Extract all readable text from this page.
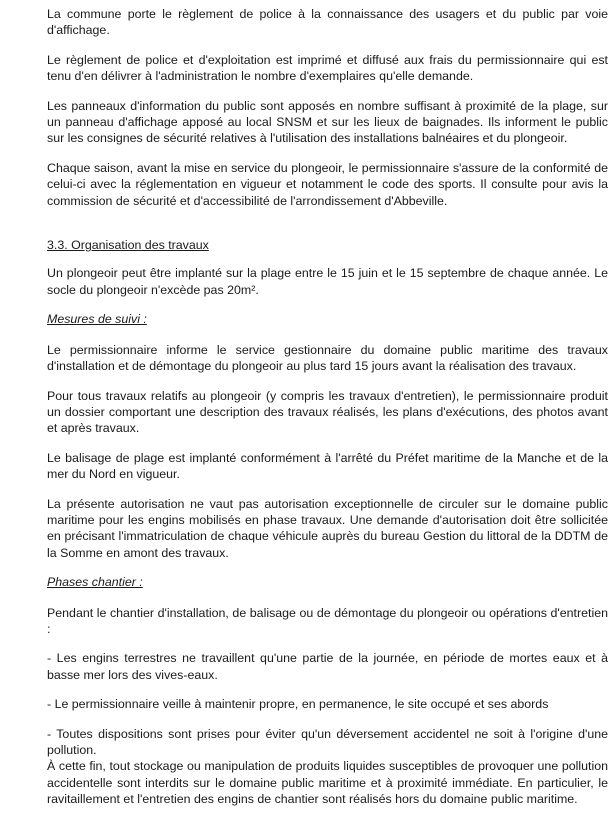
La commune porte le règlement de police à la connaissance des usagers et du public par voie d'affichage.

Le règlement de police et d'exploitation est imprimé et diffusé aux frais du permissionnaire qui est tenu d'en délivrer à l'administration le nombre d'exemplaires qu'elle demande.

Les panneaux d'information du public sont apposés en nombre suffisant à proximité de la plage, sur un panneau d'affichage apposé au local SNSM et sur les lieux de baignades. Ils informent le public sur les consignes de sécurité relatives à l'utilisation des installations balnéaires et du plongeoir.

Chaque saison, avant la mise en service du plongeoir, le permissionnaire s'assure de la conformité de celui-ci avec la réglementation en vigueur et notamment le code des sports. Il consulte pour avis la commission de sécurité et d'accessibilité de l'arrondissement d'Abbeville.

3.3. Organisation des travaux

Un plongeoir peut être implanté sur la plage entre le 15 juin et le 15 septembre de chaque année. Le socle du plongeoir n'excède pas 20m².

Mesures de suivi :

Le permissionnaire informe le service gestionnaire du domaine public maritime des travaux d'installation et de démontage du plongeoir au plus tard 15 jours avant la réalisation des travaux.

Pour tous travaux relatifs au plongeoir (y compris les travaux d'entretien), le permissionnaire produit un dossier comportant une description des travaux réalisés, les plans d'exécutions, des photos avant et après travaux.

Le balisage de plage est implanté conformément à l'arrêté du Préfet maritime de la Manche et de la mer du Nord en vigueur.

La présente autorisation ne vaut pas autorisation exceptionnelle de circuler sur le domaine public maritime pour les engins mobilisés en phase travaux. Une demande d'autorisation doit être sollicitée en précisant l'immatriculation de chaque véhicule auprès du bureau Gestion du littoral de la DDTM de la Somme en amont des travaux.

Phases chantier :

Pendant le chantier d'installation, de balisage ou de démontage du plongeoir ou opérations d'entretien :

- Les engins terrestres ne travaillent qu'une partie de la journée, en période de mortes eaux et à basse mer lors des vives-eaux.

- Le permissionnaire veille à maintenir propre, en permanence, le site occupé et ses abords

- Toutes dispositions sont prises pour éviter qu'un déversement accidentel ne soit à l'origine d'une pollution.

À cette fin, tout stockage ou manipulation de produits liquides susceptibles de provoquer une pollution accidentelle sont interdits sur le domaine public maritime et à proximité immédiate. En particulier, le ravitaillement et l'entretien des engins de chantier sont réalisés hors du domaine public maritime.
